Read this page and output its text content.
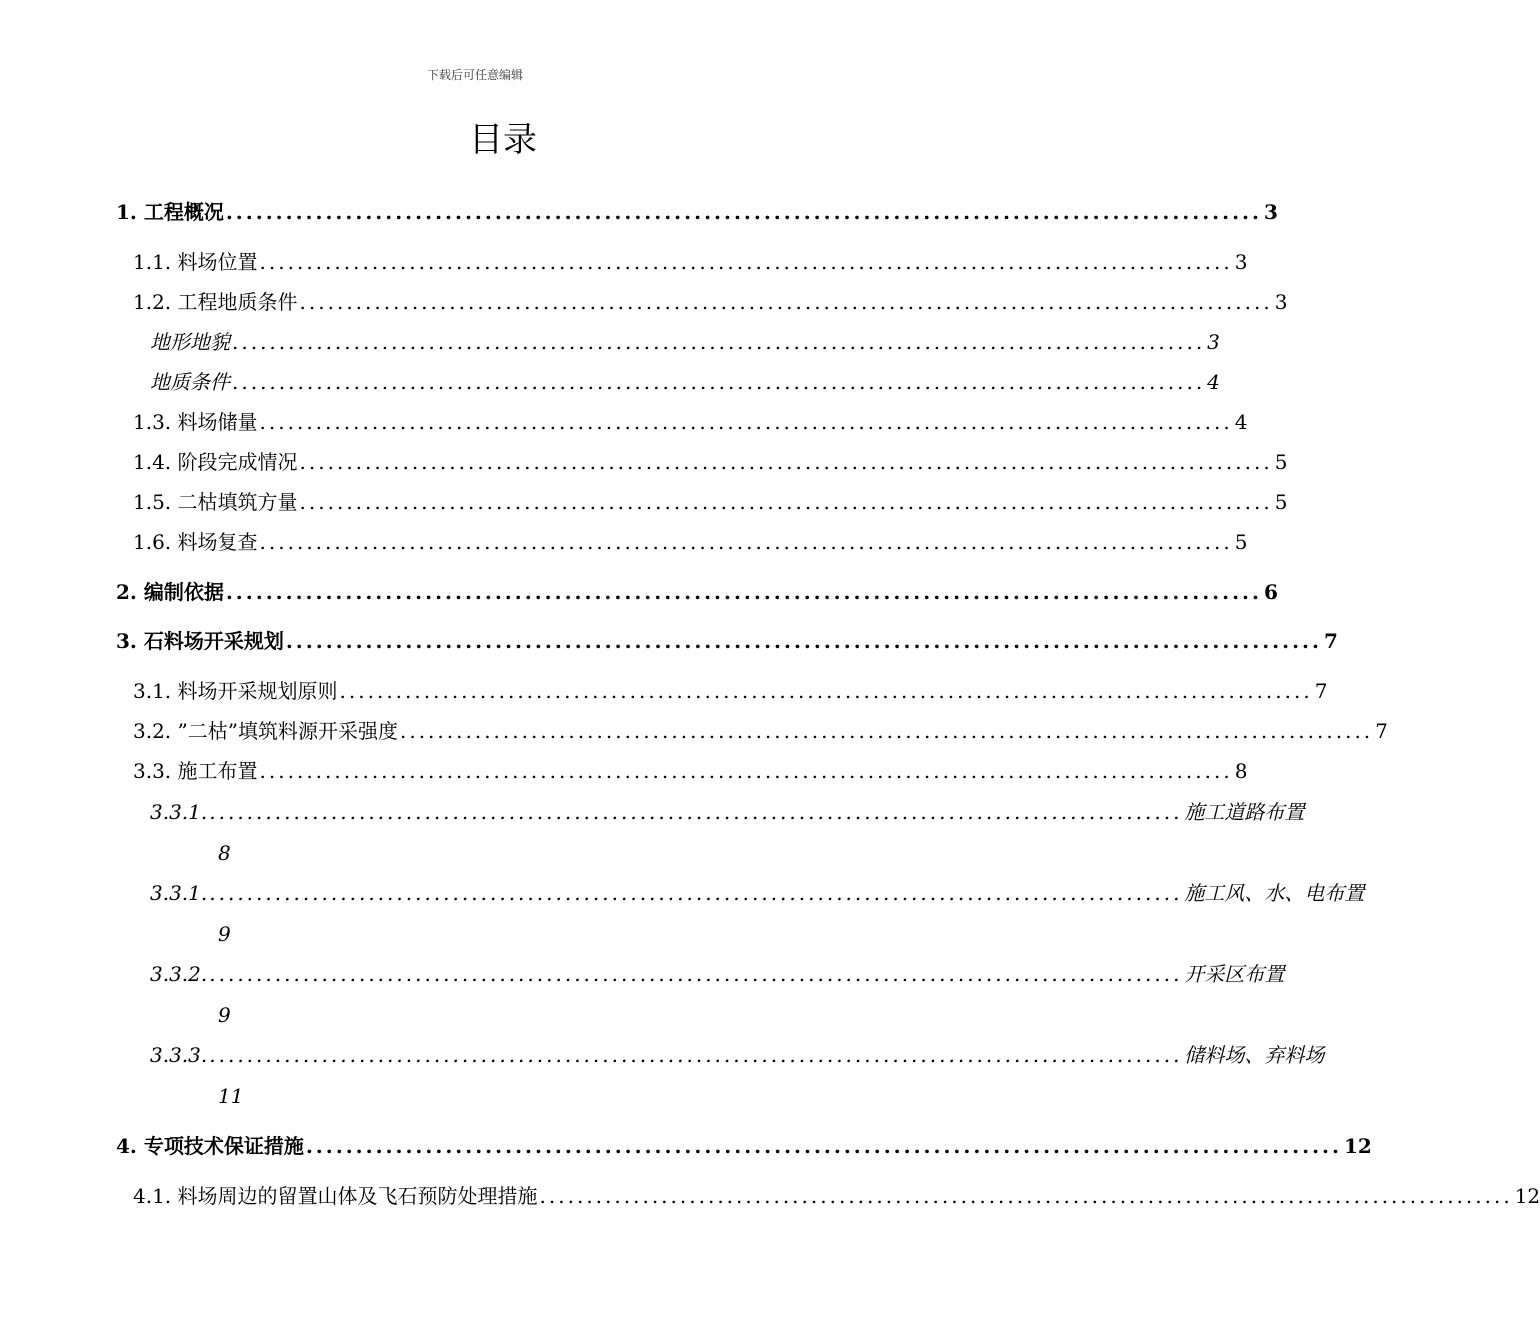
下载后可任意编辑
目录
1. 工程概况 ........................................................................................................ 3
1.1. 料场位置 ........................................................................................................ 3
1.2. 工程地质条件 ........................................................................................................ 3
地形地貌 ........................................................................................................ 3
地质条件 ........................................................................................................ 4
1.3. 料场储量 ........................................................................................................ 4
1.4. 阶段完成情况 ........................................................................................................ 5
1.5. 二枯填筑方量 ........................................................................................................ 5
1.6. 料场复查 ........................................................................................................ 5
2. 编制依据 ........................................................................................................ 6
3. 石料场开采规划 ........................................................................................................ 7
3.1. 料场开采规划原则 ........................................................................................................ 7
3.2. ”二枯”填筑料源开采强度 ........................................................................................................ 7
3.3. 施工布置 ........................................................................................................ 8
3.3.1. ........................................................................................................ 施工道路布置
8
3.3.1. ........................................................................................................ 施工风、水、电布置
9
3.3.2. ........................................................................................................ 开采区布置
9
3.3.3. ........................................................................................................ 储料场、弃料场
11
4. 专项技术保证措施 ........................................................................................................ 12
4.1. 料场周边的留置山体及飞石预防处理措施 ........................................................................................................ 12
